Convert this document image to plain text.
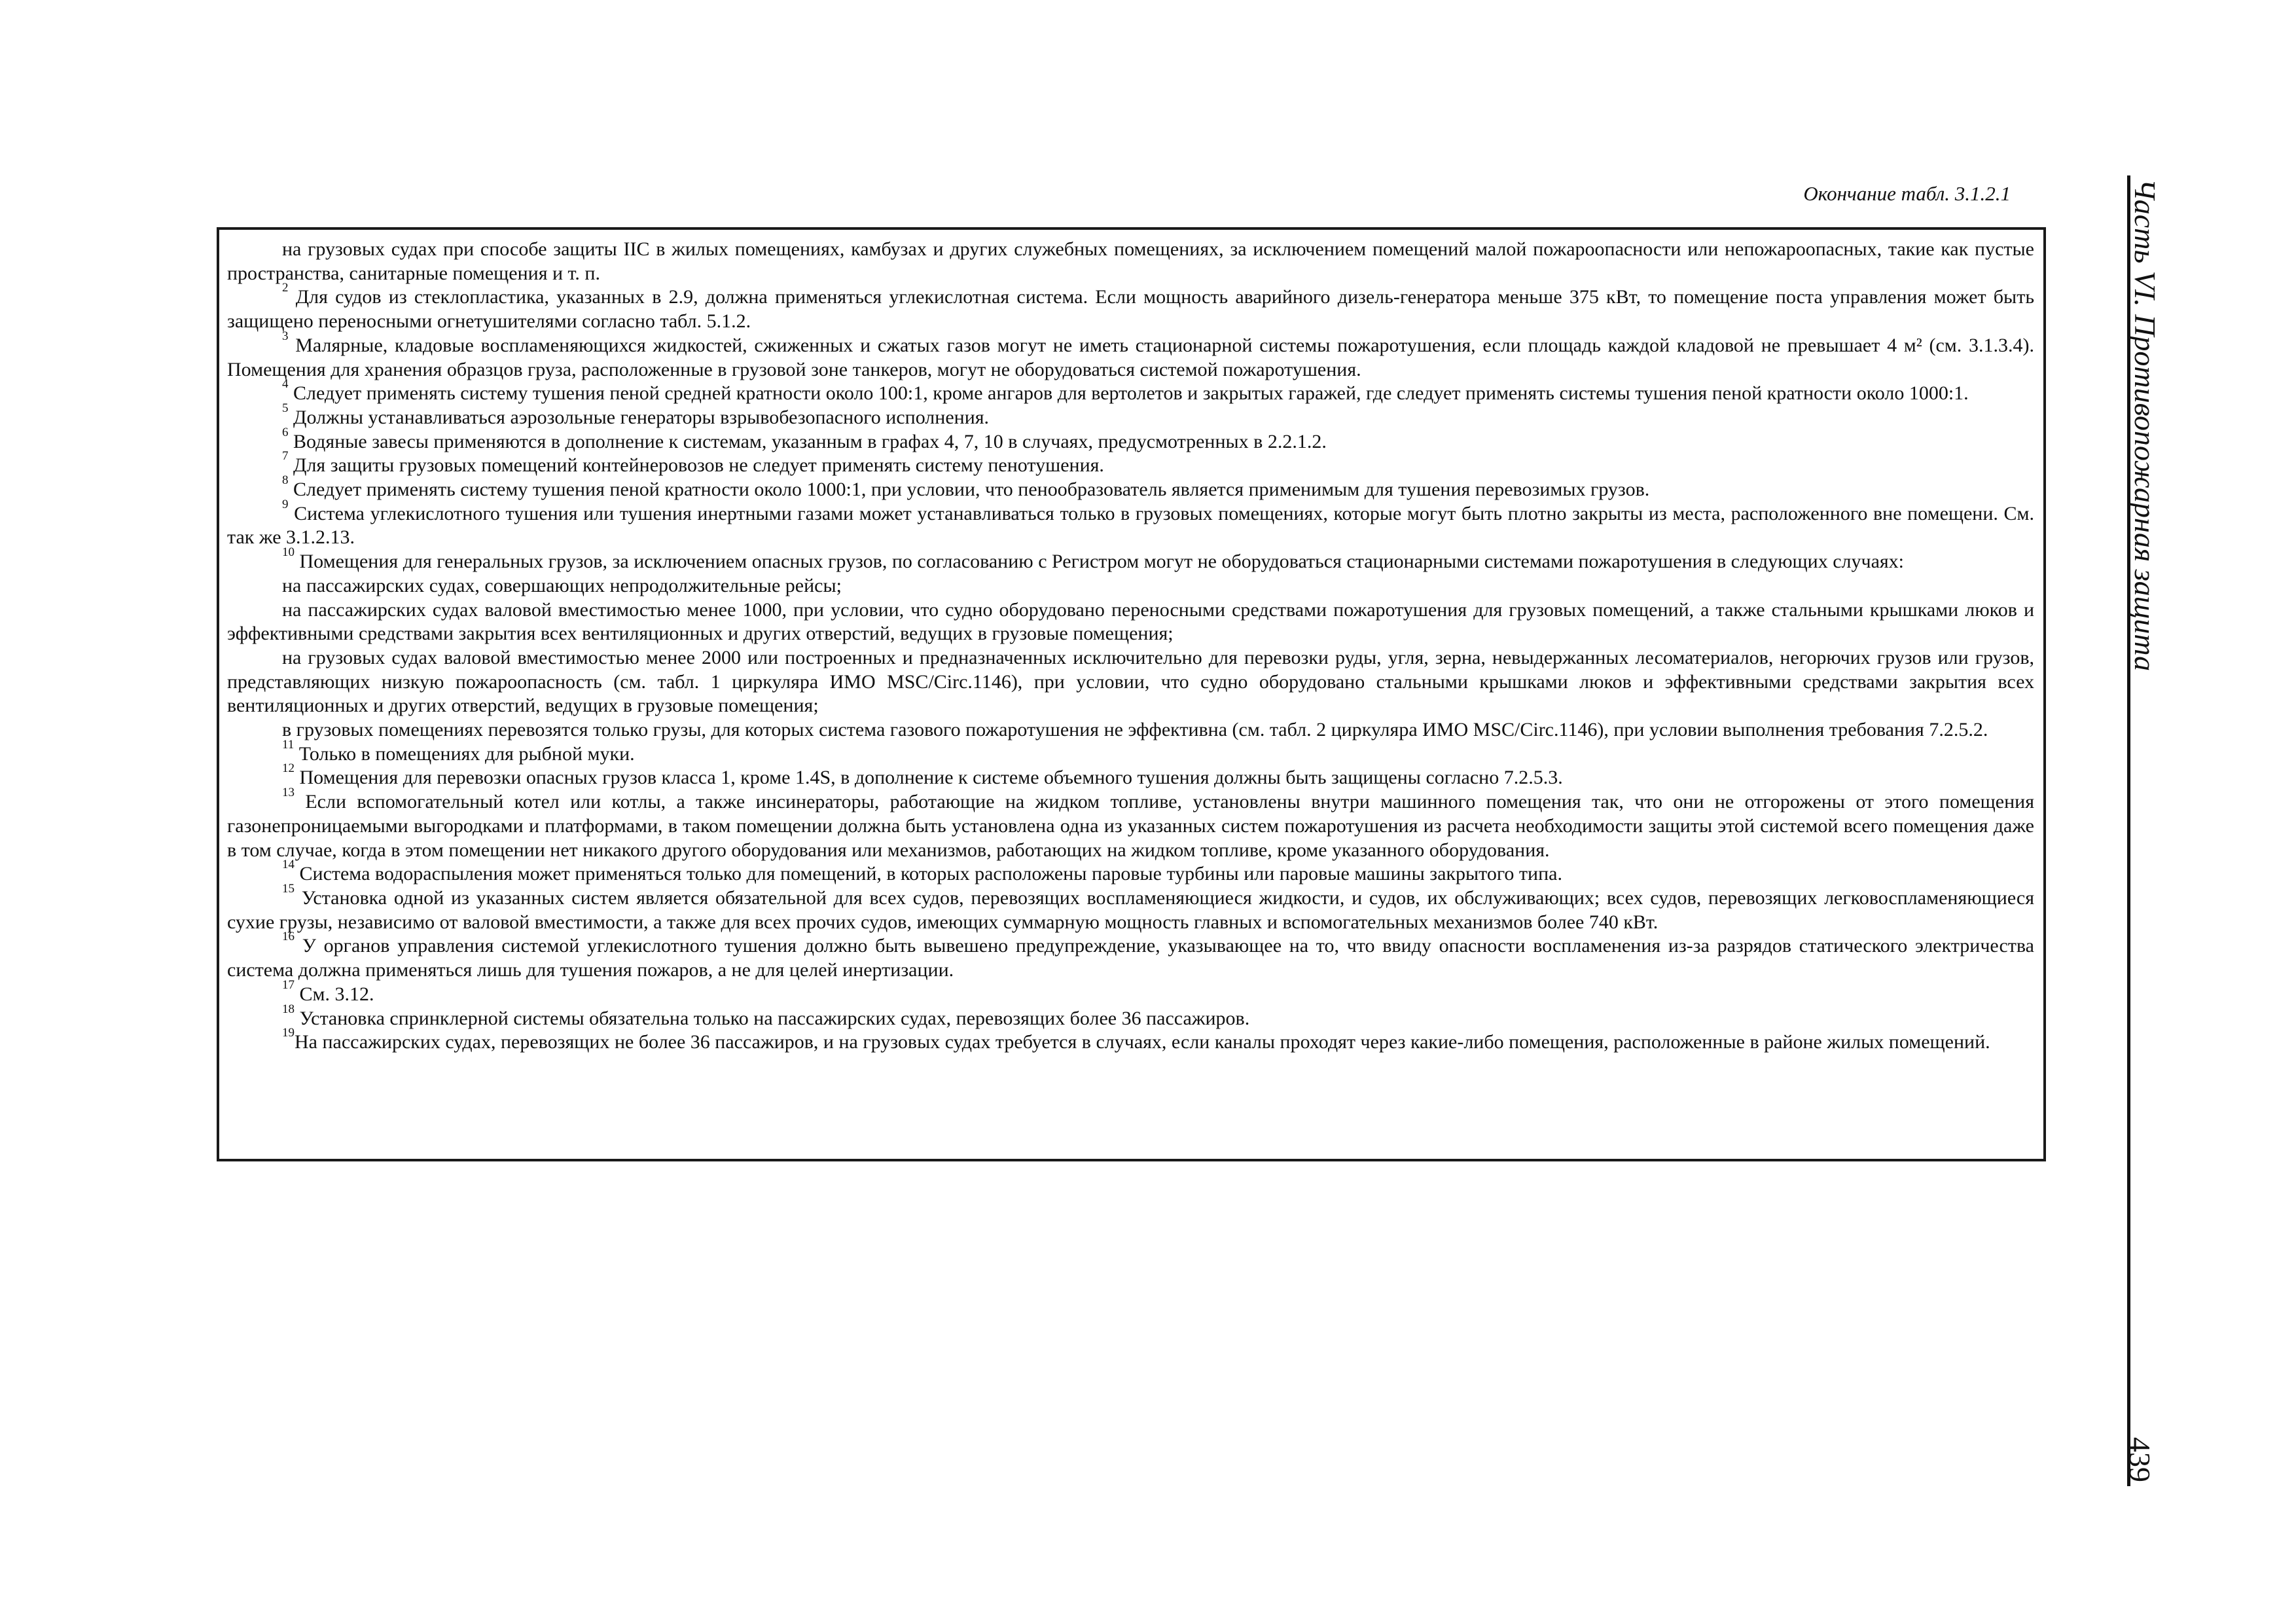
Окончание табл. 3.1.2.1

на грузовых судах при способе защиты IIC в жилых помещениях, камбузах и других служебных помещениях, за исключением помещений малой пожароопасности или непожароопасных, такие как пустые пространства, санитарные помещения и т. п.

$^2$ Для судов из стеклопластика, указанных в 2.9, должна применяться углекислотная система. Если мощность аварийного дизель-генератора меньше 375 кВт, то помещение поста управления может быть защищено переносными огнетушителями согласно табл. 5.1.2.

$^3$ Малярные, кладовые воспламеняющихся жидкостей, сжиженных и сжатых газов могут не иметь стационарной системы пожаротушения, если площадь каждой кладовой не превышает 4 м² (см. 3.1.3.4). Помещения для хранения образцов груза, расположенные в грузовой зоне танкеров, могут не оборудоваться системой пожаротушения.

$^4$ Следует применять систему тушения пеной средней кратности около 100:1, кроме ангаров для вертолетов и закрытых гаражей, где следует применять системы тушения пеной кратности около 1000:1.

$^5$ Должны устанавливаться аэрозольные генераторы взрывобезопасного исполнения.

$^6$ Водяные завесы применяются в дополнение к системам, указанным в графах 4, 7, 10 в случаях, предусмотренных в 2.2.1.2.

$^7$ Для защиты грузовых помещений контейнеровозов не следует применять систему пенотушения.

$^8$ Следует применять систему тушения пеной кратности около 1000:1, при условии, что пенообразователь является применимым для тушения перевозимых грузов.

$^9$ Система углекислотного тушения или тушения инертными газами может устанавливаться только в грузовых помещениях, которые могут быть плотно закрыты из места, расположенного вне помещени. См. так же 3.1.2.13.

$^{10}$ Помещения для генеральных грузов, за исключением опасных грузов, по согласованию с Регистром могут не оборудоваться стационарными системами пожаротушения в следующих случаях:

на пассажирских судах, совершающих непродолжительные рейсы;

на пассажирских судах валовой вместимостью менее 1000, при условии, что судно оборудовано переносными средствами пожаротушения для грузовых помещений, а также стальными крышками люков и эффективными средствами закрытия всех вентиляционных и других отверстий, ведущих в грузовые помещения;

на грузовых судах валовой вместимостью менее 2000 или построенных и предназначенных исключительно для перевозки руды, угля, зерна, невыдержанных лесоматериалов, негорючих грузов или грузов, представляющих низкую пожароопасность (см. табл. 1 циркуляра ИМО MSC/Circ.1146), при условии, что судно оборудовано стальными крышками люков и эффективными средствами закрытия всех вентиляционных и других отверстий, ведущих в грузовые помещения;

в грузовых помещениях перевозятся только грузы, для которых система газового пожаротушения не эффективна (см. табл. 2 циркуляра ИМО MSC/Circ.1146), при условии выполнения требования 7.2.5.2.

$^{11}$ Только в помещениях для рыбной муки.

$^{12}$ Помещения для перевозки опасных грузов класса 1, кроме 1.4S, в дополнение к системе объемного тушения должны быть защищены согласно 7.2.5.3.

$^{13}$ Если вспомогательный котел или котлы, а также инсинераторы, работающие на жидком топливе, установлены внутри машинного помещения так, что они не отгорожены от этого помещения газонепроницаемыми выгородками и платформами, в таком помещении должна быть установлена одна из указанных систем пожаротушения из расчета необходимости защиты этой системой всего помещения даже в том случае, когда в этом помещении нет никакого другого оборудования или механизмов, работающих на жидком топливе, кроме указанного оборудования.

$^{14}$ Система водораспыления может применяться только для помещений, в которых расположены паровые турбины или паровые машины закрытого типа.

$^{15}$ Установка одной из указанных систем является обязательной для всех судов, перевозящих воспламеняющиеся жидкости, и судов, их обслуживающих; всех судов, перевозящих легковоспламеняющиеся сухие грузы, независимо от валовой вместимости, а также для всех прочих судов, имеющих суммарную мощность главных и вспомогательных механизмов более 740 кВт.

$^{16}$ У органов управления системой углекислотного тушения должно быть вывешено предупреждение, указывающее на то, что ввиду опасности воспламенения из-за разрядов статического электричества система должна применяться лишь для тушения пожаров, а не для целей инертизации.

$^{17}$ См. 3.12.

$^{18}$ Установка спринклерной системы обязательна только на пассажирских судах, перевозящих более 36 пассажиров.

$^{19}$На пассажирских судах, перевозящих не более 36 пассажиров, и на грузовых судах требуется в случаях, если каналы проходят через какие-либо помещения, расположенные в районе жилых помещений.

Часть VI. Противопожарная защита

439
